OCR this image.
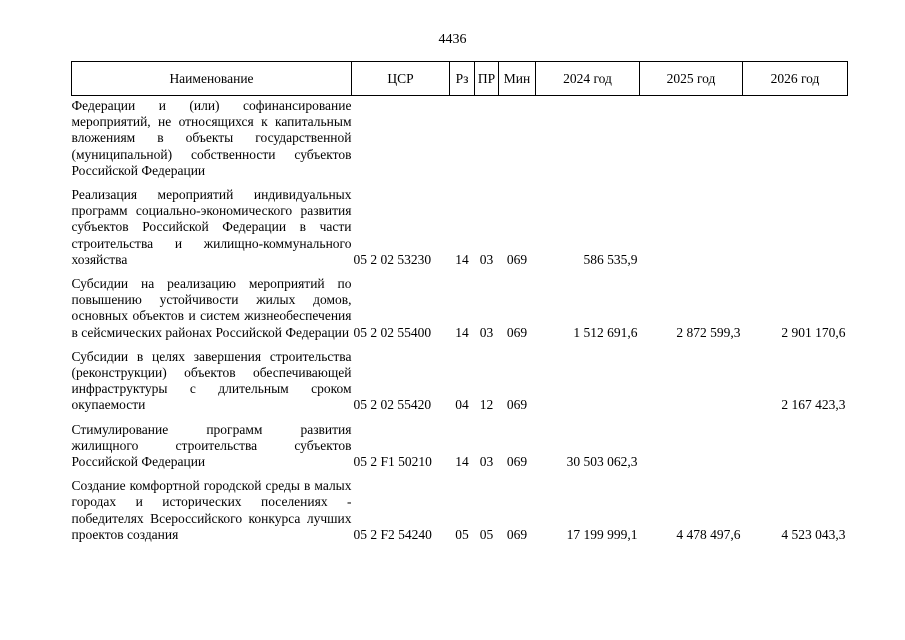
4436
Наименование	ЦСР	Рз	ПР	Мин	2024 год	2025 год	2026 год
Федерации и (или) софинансирование мероприятий, не относящихся к капитальным вложениям в объекты государственной (муниципальной) собственности субъектов Российской Федерации							
Реализация мероприятий индивидуальных программ социально-экономического развития субъектов Российской Федерации в части строительства и жилищно-коммунального хозяйства	05 2 02 53230	14	03	069	586 535,9		
Субсидии на реализацию мероприятий по повышению устойчивости жилых домов, основных объектов и систем жизнеобеспечения в сейсмических районах Российской Федерации	05 2 02 55400	14	03	069	1 512 691,6	2 872 599,3	2 901 170,6
Субсидии в целях завершения строительства (реконструкции) объектов обеспечивающей инфраструктуры с длительным сроком окупаемости	05 2 02 55420	04	12	069			2 167 423,3
Стимулирование программ развития жилищного строительства субъектов Российской Федерации	05 2 F1 50210	14	03	069	30 503 062,3		
Создание комфортной городской среды в малых городах и исторических поселениях - победителях Всероссийского конкурса лучших проектов создания	05 2 F2 54240	05	05	069	17 199 999,1	4 478 497,6	4 523 043,3
